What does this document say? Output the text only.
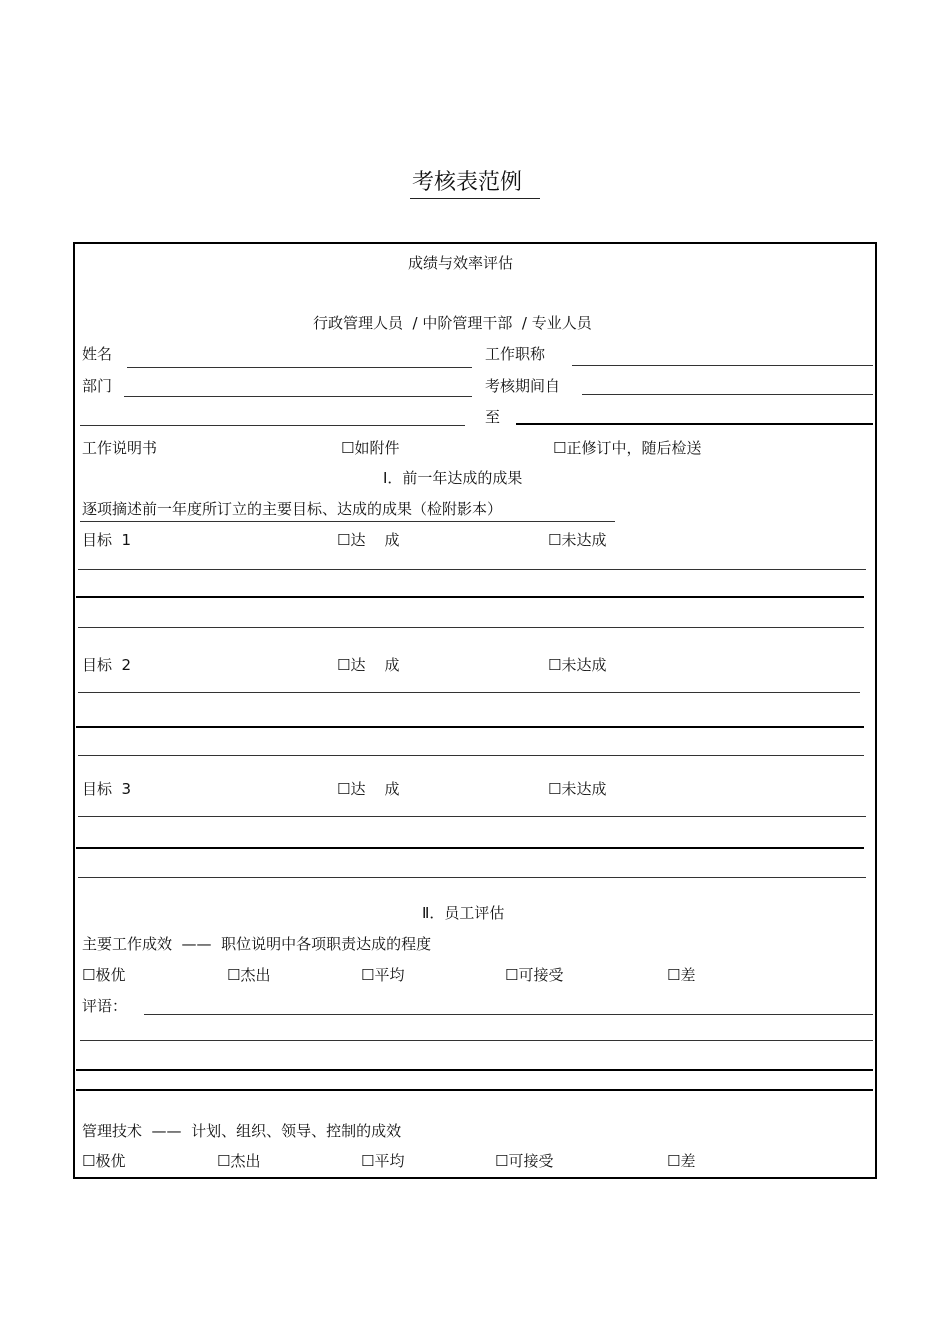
考核表范例
成绩与效率评估
行政管理人员  / 中阶管理干部  / 专业人员
姓名	工作职称
部门	考核期间自
至
工作说明书	☐ 如附件	☐ 正修订中，随后检送
Ⅰ．前一年达成的成果
逐项摘述前一年度所订立的主要目标、达成的成果（检附影本）
目标  1	☐ 达    成	☐ 未达成
目标  2	☐ 达    成	☐ 未达成
目标  3	☐ 达    成	☐ 未达成
Ⅱ．员工评估
主要工作成效  ——  职位说明中各项职责达成的程度
☐ 极优	☐ 杰出	☐ 平均	☐ 可接受	☐ 差
评语：
管理技术  ——  计划、组织、领导、控制的成效
☐ 极优	☐ 杰出	☐ 平均	☐ 可接受	☐ 差
